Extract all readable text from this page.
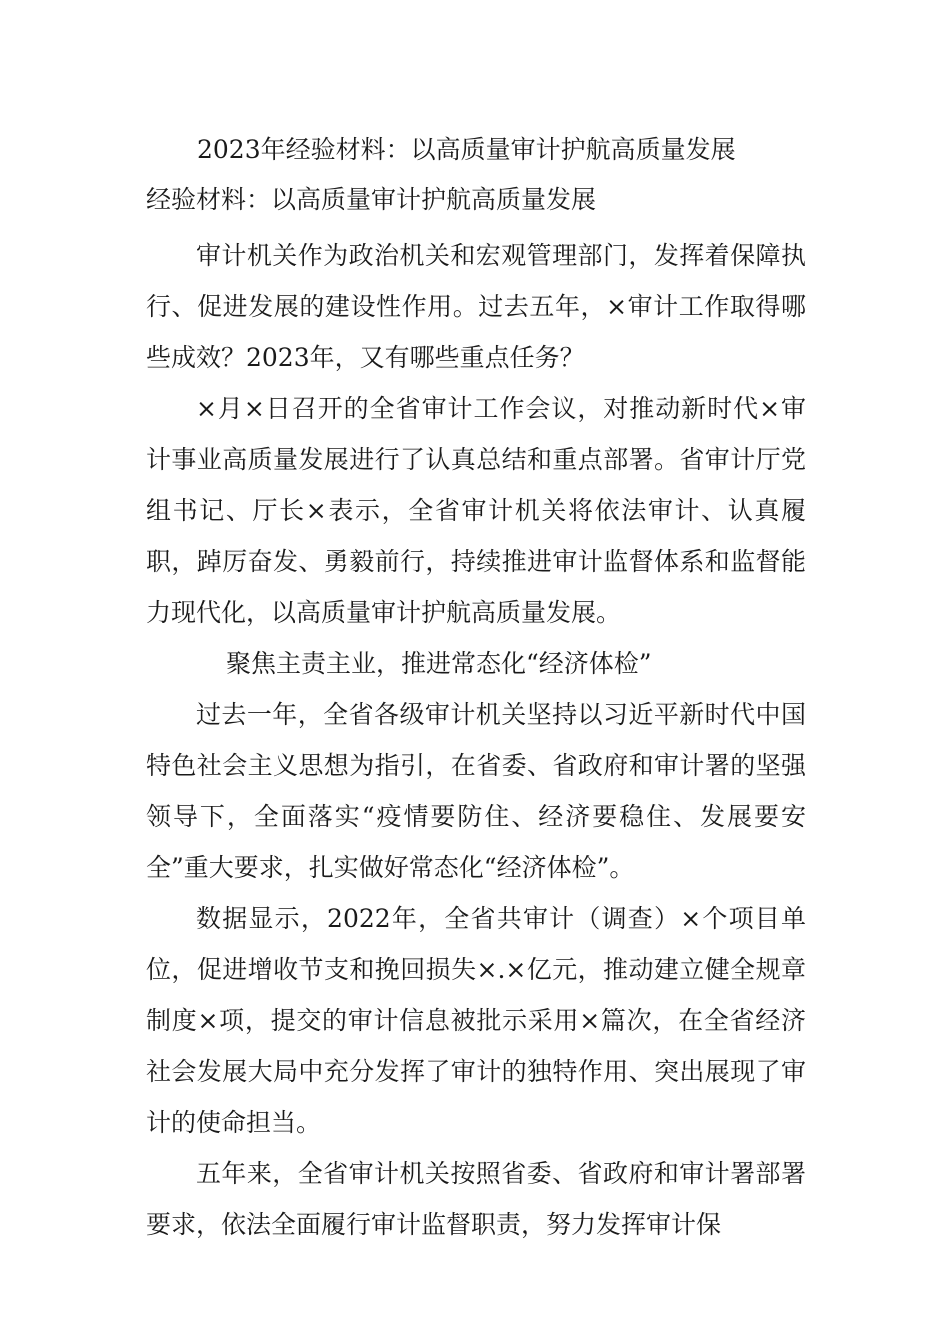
2023年经验材料：以高质量审计护航高质量发展
经验材料：以高质量审计护航高质量发展

审计机关作为政治机关和宏观管理部门，发挥着保障执行、促进发展的建设性作用。过去五年，×审计工作取得哪些成效？2023年，又有哪些重点任务？

×月×日召开的全省审计工作会议，对推动新时代×审计事业高质量发展进行了认真总结和重点部署。省审计厅党组书记、厅长×表示，全省审计机关将依法审计、认真履职，踔厉奋发、勇毅前行，持续推进审计监督体系和监督能力现代化，以高质量审计护航高质量发展。

聚焦主责主业，推进常态化“经济体检”

过去一年，全省各级审计机关坚持以习近平新时代中国特色社会主义思想为指引，在省委、省政府和审计署的坚强领导下，全面落实“疫情要防住、经济要稳住、发展要安全”重大要求，扎实做好常态化“经济体检”。

数据显示，2022年，全省共审计（调查）×个项目单位，促进增收节支和挽回损失×.×亿元，推动建立健全规章制度×项，提交的审计信息被批示采用×篇次，在全省经济社会发展大局中充分发挥了审计的独特作用、突出展现了审计的使命担当。

五年来，全省审计机关按照省委、省政府和审计署部署要求，依法全面履行审计监督职责，努力发挥审计保
